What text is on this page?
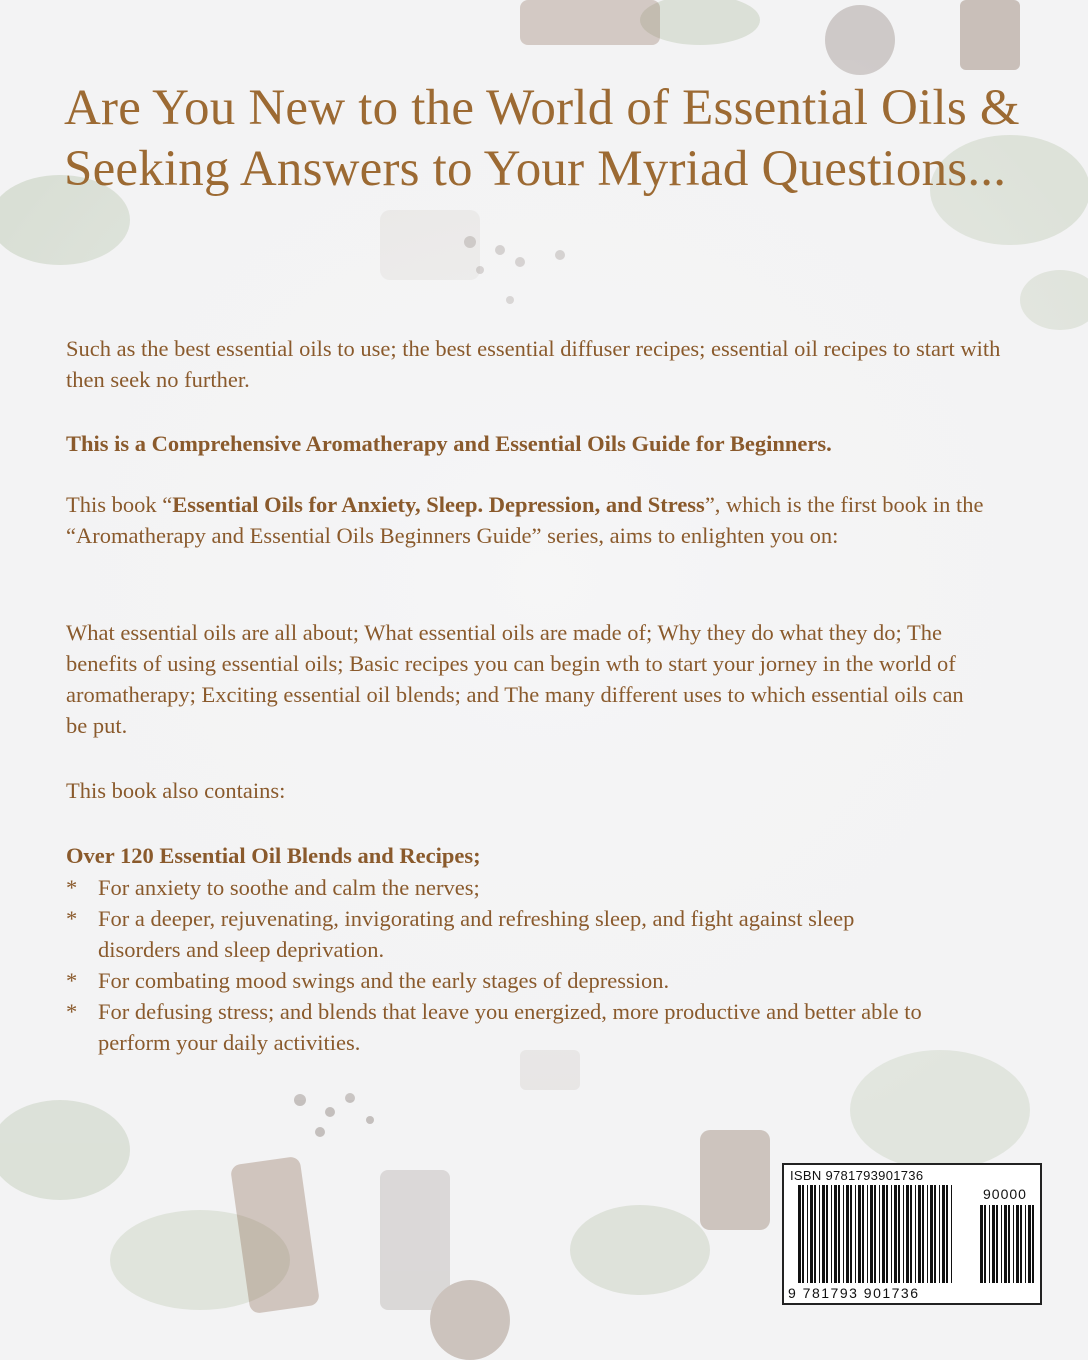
Are You New to the World of Essential Oils & Seeking Answers to Your Myriad Questions...

Such as the best essential oils to use; the best essential diffuser recipes; essential oil recipes to start with then seek no further.

This is a Comprehensive Aromatherapy and Essential Oils Guide for Beginners.

This book “Essential Oils for Anxiety, Sleep. Depression, and Stress”, which is the first book in the “Aromatherapy and Essential Oils Beginners Guide” series, aims to enlighten you on:

What essential oils are all about; What essential oils are made of; Why they do what they do; The benefits of using essential oils; Basic recipes you can begin wth to start your jorney in the world of aromatherapy; Exciting essential oil blends; and The many different uses to which essential oils can be put.

This book also contains:

Over 120 Essential Oil Blends and Recipes;

* For anxiety to soothe and calm the nerves;
* For a deeper, rejuvenating, invigorating and refreshing sleep, and fight against sleep disorders and sleep deprivation.
* For combating mood swings and the early stages of depression.
* For defusing stress; and blends that leave you energized, more productive and better able to perform your daily activities.
ISBN 9781793901736
90000
9 781793 901736
